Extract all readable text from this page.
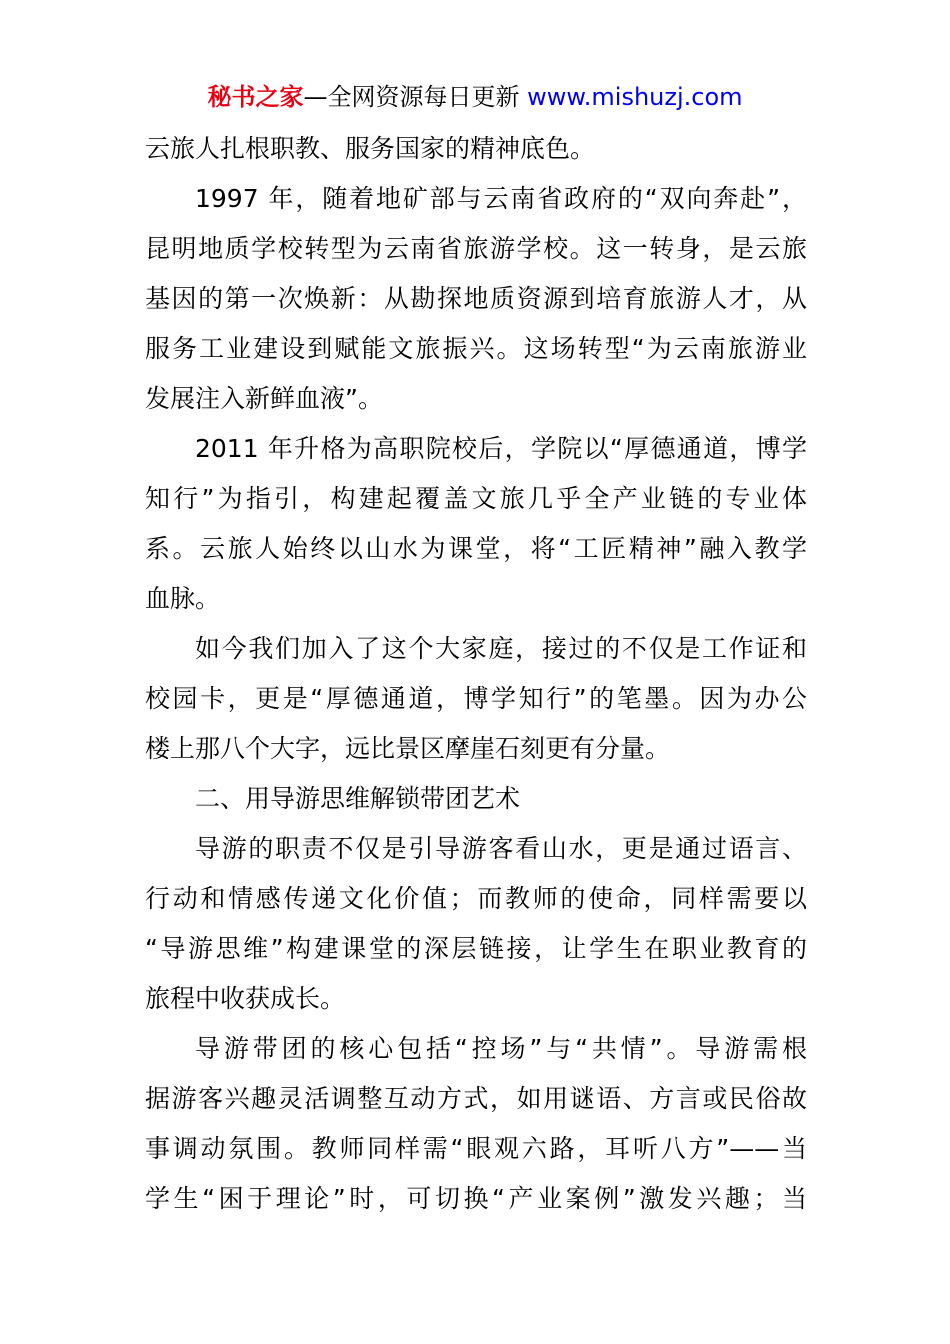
秘书之家—全网资源每日更新 www.mishuzj.com
云旅人扎根职教、服务国家的精神底色。
1997 年，随着地矿部与云南省政府的“双向奔赴”，
昆明地质学校转型为云南省旅游学校。这一转身，是云旅
基因的第一次焕新：从勘探地质资源到培育旅游人才，从
服务工业建设到赋能文旅振兴。这场转型“为云南旅游业
发展注入新鲜血液”。
2011 年升格为高职院校后，学院以“厚德通道，博学
知行”为指引，构建起覆盖文旅几乎全产业链的专业体
系。云旅人始终以山水为课堂，将“工匠精神”融入教学
血脉。
如今我们加入了这个大家庭，接过的不仅是工作证和
校园卡，更是“厚德通道，博学知行”的笔墨。因为办公
楼上那八个大字，远比景区摩崖石刻更有分量。
二、用导游思维解锁带团艺术
导游的职责不仅是引导游客看山水，更是通过语言、
行动和情感传递文化价值；而教师的使命，同样需要以
“导游思维”构建课堂的深层链接，让学生在职业教育的
旅程中收获成长。
导游带团的核心包括“控场”与“共情”。导游需根
据游客兴趣灵活调整互动方式，如用谜语、方言或民俗故
事调动氛围。教师同样需“眼观六路，耳听八方”——当
学生“困于理论”时，可切换“产业案例”激发兴趣；当
